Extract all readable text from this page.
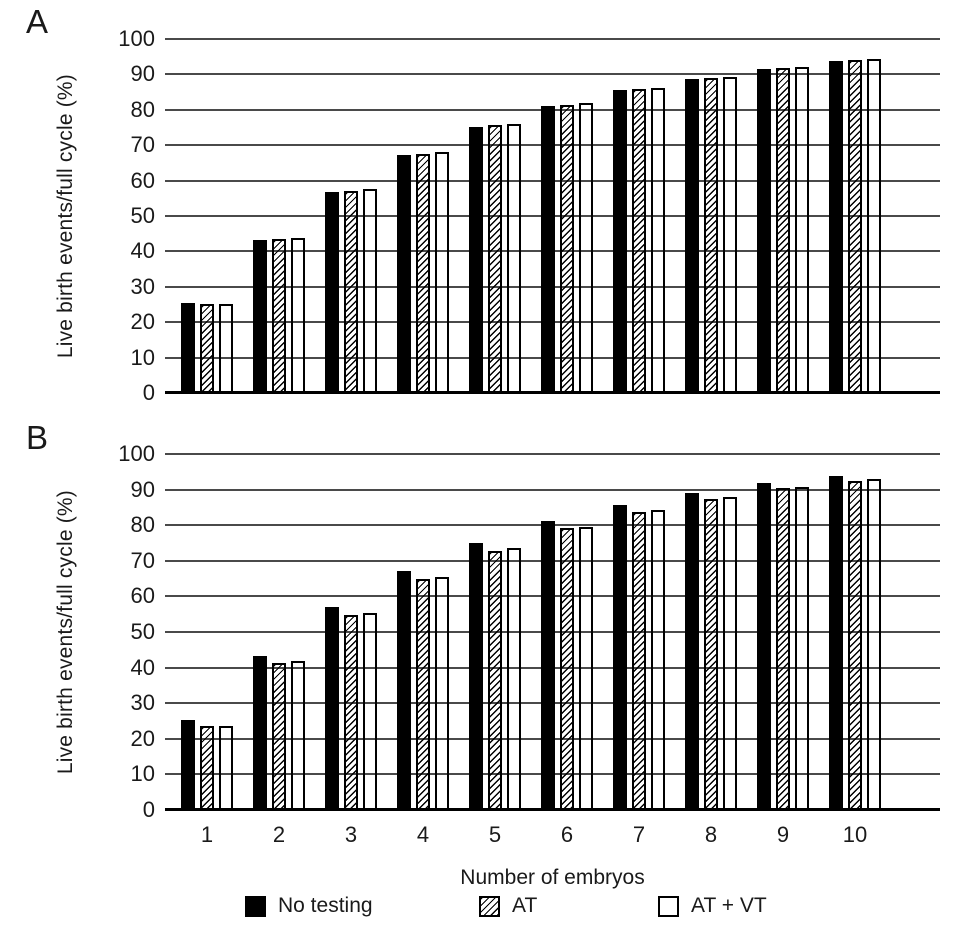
A
Live birth events/full cycle (%)
0
10
20
30
40
50
60
70
80
90
100
B
Live birth events/full cycle (%)
0
10
20
30
40
50
60
70
80
90
100
1	2	3	4	5	6	7	8	9	10
Number of embryos
No testing	AT	AT + VT
